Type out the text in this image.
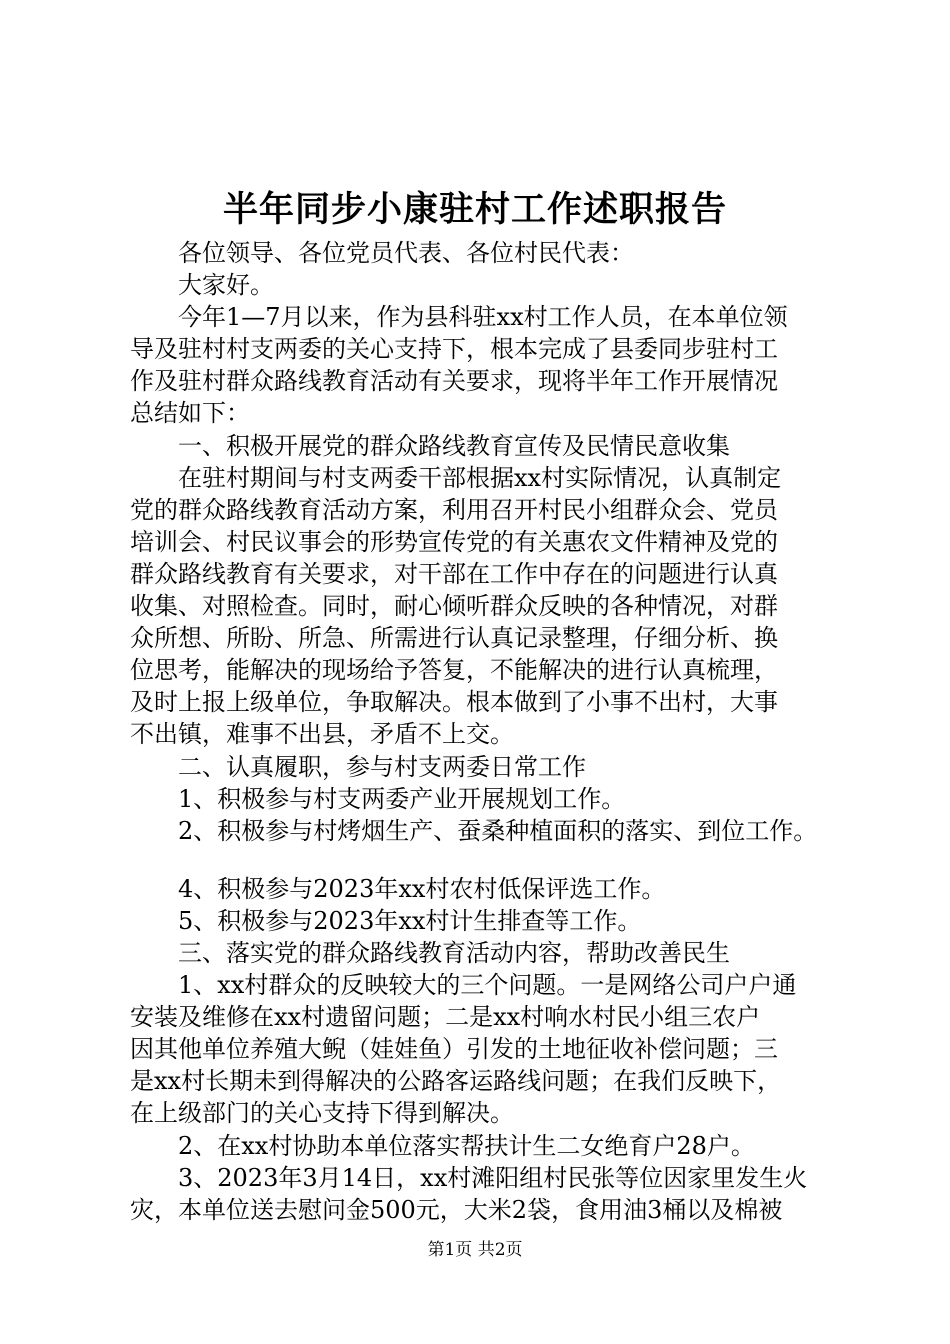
半年同步小康驻村工作述职报告
各位领导、各位党员代表、各位村民代表：
大家好。
今年1—7月以来，作为县科驻xx村工作人员，在本单位领
导及驻村村支两委的关心支持下，根本完成了县委同步驻村工
作及驻村群众路线教育活动有关要求，现将半年工作开展情况
总结如下：
一、积极开展党的群众路线教育宣传及民情民意收集
在驻村期间与村支两委干部根据xx村实际情况，认真制定
党的群众路线教育活动方案，利用召开村民小组群众会、党员
培训会、村民议事会的形势宣传党的有关惠农文件精神及党的
群众路线教育有关要求，对干部在工作中存在的问题进行认真
收集、对照检查。同时，耐心倾听群众反映的各种情况，对群
众所想、所盼、所急、所需进行认真记录整理，仔细分析、换
位思考，能解决的现场给予答复，不能解决的进行认真梳理，
及时上报上级单位，争取解决。根本做到了小事不出村，大事
不出镇，难事不出县，矛盾不上交。
二、认真履职，参与村支两委日常工作
1、积极参与村支两委产业开展规划工作。
2、积极参与村烤烟生产、蚕桑种植面积的落实、到位工作。
4、积极参与2023年xx村农村低保评选工作。
5、积极参与2023年xx村计生排查等工作。
三、落实党的群众路线教育活动内容，帮助改善民生
1、xx村群众的反映较大的三个问题。一是网络公司户户通
安装及维修在xx村遗留问题；二是xx村响水村民小组三农户
因其他单位养殖大鲵（娃娃鱼）引发的土地征收补偿问题；三
是xx村长期未到得解决的公路客运路线问题；在我们反映下，
在上级部门的关心支持下得到解决。
2、在xx村协助本单位落实帮扶计生二女绝育户28户。
3、2023年3月14日，xx村滩阳组村民张等位因家里发生火
灾，本单位送去慰问金500元，大米2袋，食用油3桶以及棉被
第1页 共2页
